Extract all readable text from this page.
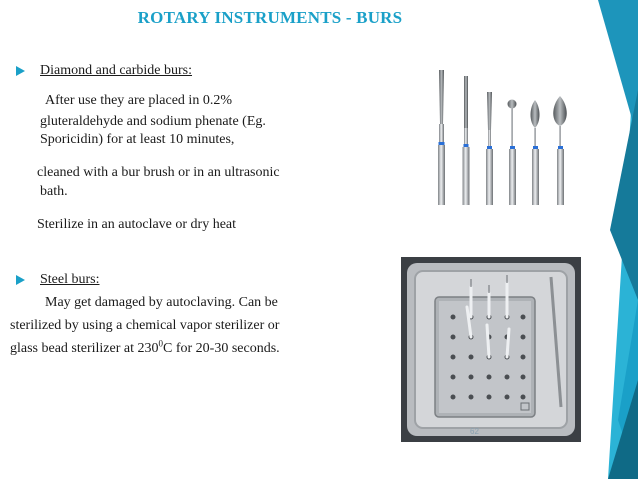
ROTARY INSTRUMENTS - BURS
Diamond and carbide burs:
After use they are placed in 0.2%
gluteraldehyde and sodium phenate (Eg.
Sporicidin) for at least 10 minutes,
cleaned with a bur brush or in an ultrasonic
bath.
Sterilize in an autoclave or dry heat
Steel burs:
May get damaged by autoclaving. Can be
sterilized by using a chemical vapor sterilizer or
glass bead sterilizer at $230^0C$ for 20-30 seconds.
62
